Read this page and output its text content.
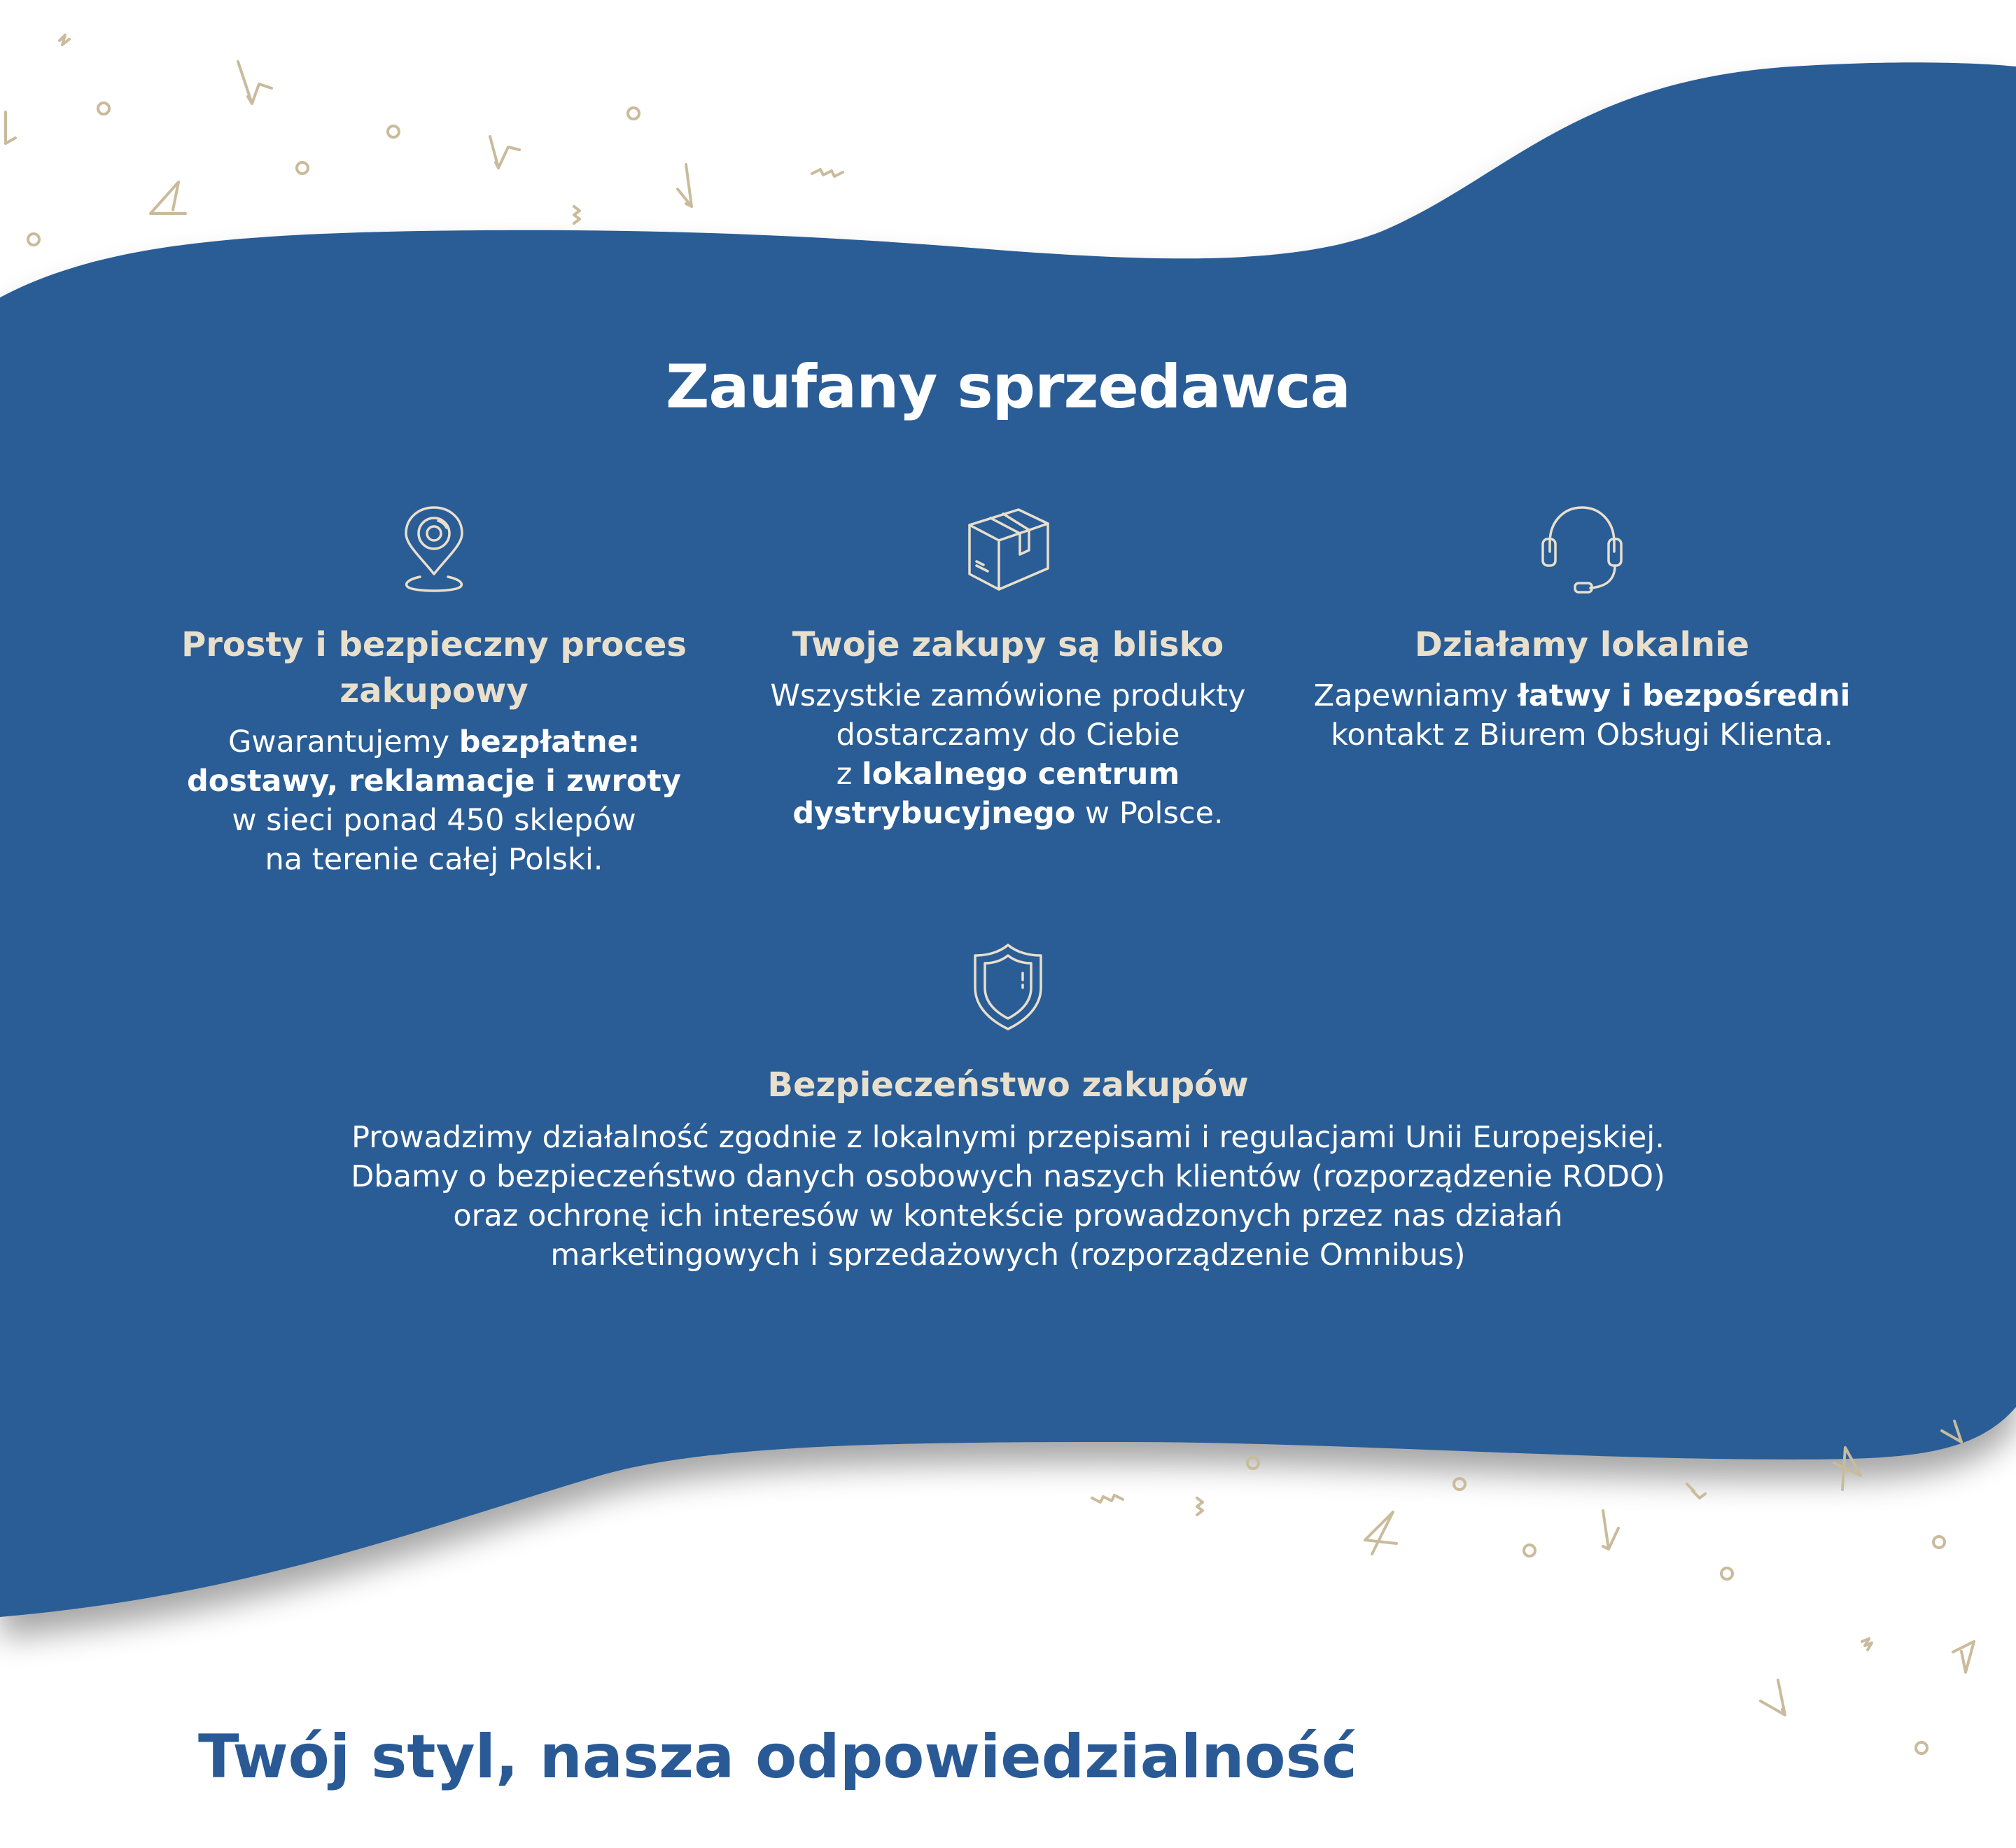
Zaufany sprzedawca
Prosty i bezpieczny proces
zakupowy

Gwarantujemy bezpłatne:
dostawy, reklamacje i zwroty
w sieci ponad 450 sklepów
na terenie całej Polski.

Twoje zakupy są blisko

Wszystkie zamówione produkty
dostarczamy do Ciebie
z lokalnego centrum
dystrybucyjnego w Polsce.

Działamy lokalnie

Zapewniamy łatwy i bezpośredni
kontakt z Biurem Obsługi Klienta.

Bezpieczeństwo zakupów

Prowadzimy działalność zgodnie z lokalnymi przepisami i regulacjami Unii Europejskiej.
Dbamy o bezpieczeństwo danych osobowych naszych klientów (rozporządzenie RODO)
oraz ochronę ich interesów w kontekście prowadzonych przez nas działań
marketingowych i sprzedażowych (rozporządzenie Omnibus)

Twój styl, nasza odpowiedzialność
